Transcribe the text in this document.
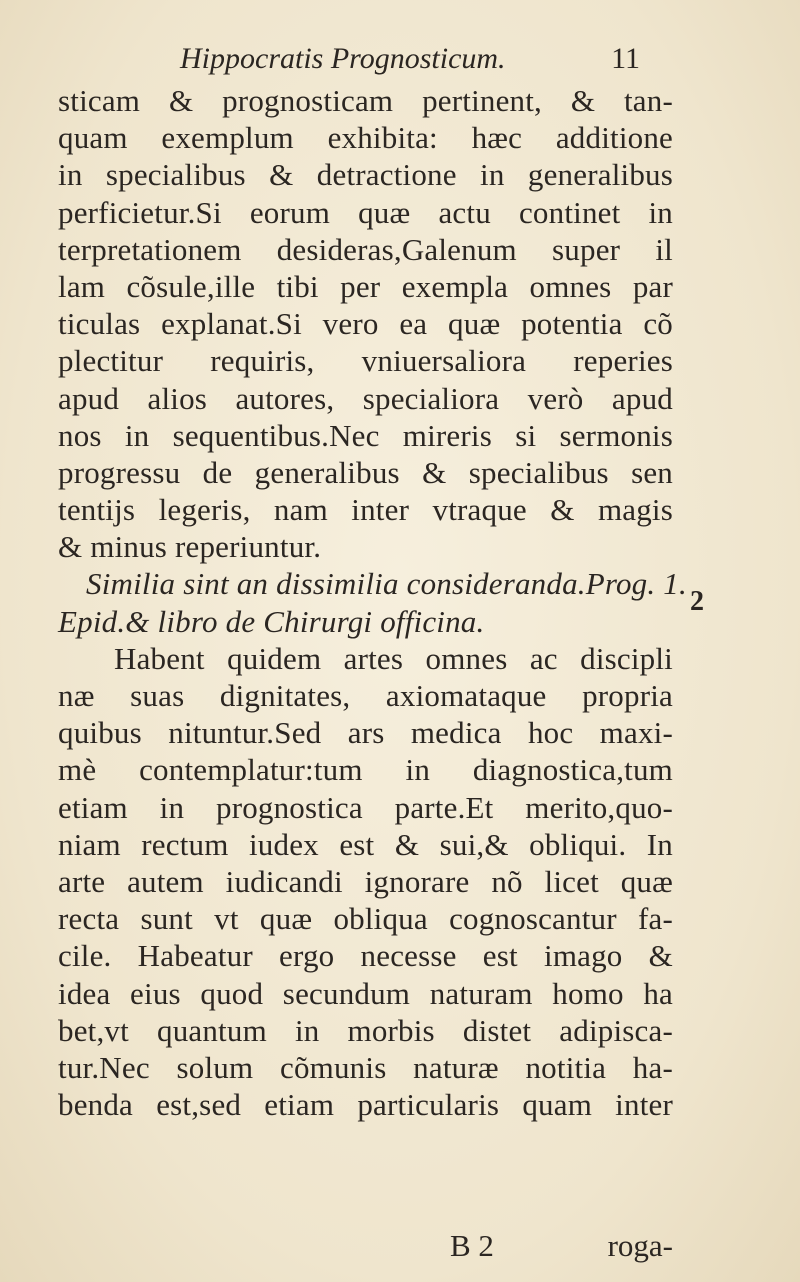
Hippocratis Prognosticum.	11
sticam & prognosticam pertinent, & tan-
quam exemplum exhibita: hæc additione
in specialibus & detractione in generalibus
perficietur.Si eorum quæ actu continet in
terpretationem desideras,Galenum super il
lam cõsule,ille tibi per exempla omnes par
ticulas explanat.Si vero ea quæ potentia cõ
plectitur requiris, vniuersaliora reperies
apud alios autores, specialiora verò apud
nos in sequentibus.Nec mireris si sermonis
progressu de generalibus & specialibus sen
tentijs legeris, nam inter vtraque & magis
& minus reperiuntur.
Similia sint an dissimilia consideranda.Prog. 1.
Epid.& libro de Chirurgi officina.
Habent quidem artes omnes ac discipli
næ suas dignitates, axiomataque propria
quibus nituntur.Sed ars medica hoc maxi-
mè contemplatur:tum in diagnostica,tum
etiam in prognostica parte.Et merito,quo-
niam rectum iudex est & sui,& obliqui. In
arte autem iudicandi ignorare nõ licet quæ
recta sunt vt quæ obliqua cognoscantur fa-
cile. Habeatur ergo necesse est imago &
idea eius quod secundum naturam homo ha
bet,vt quantum in morbis distet adipisca-
tur.Nec solum cõmunis naturæ notitia ha-
benda est,sed etiam particularis quam inter
2
B 2	roga-
